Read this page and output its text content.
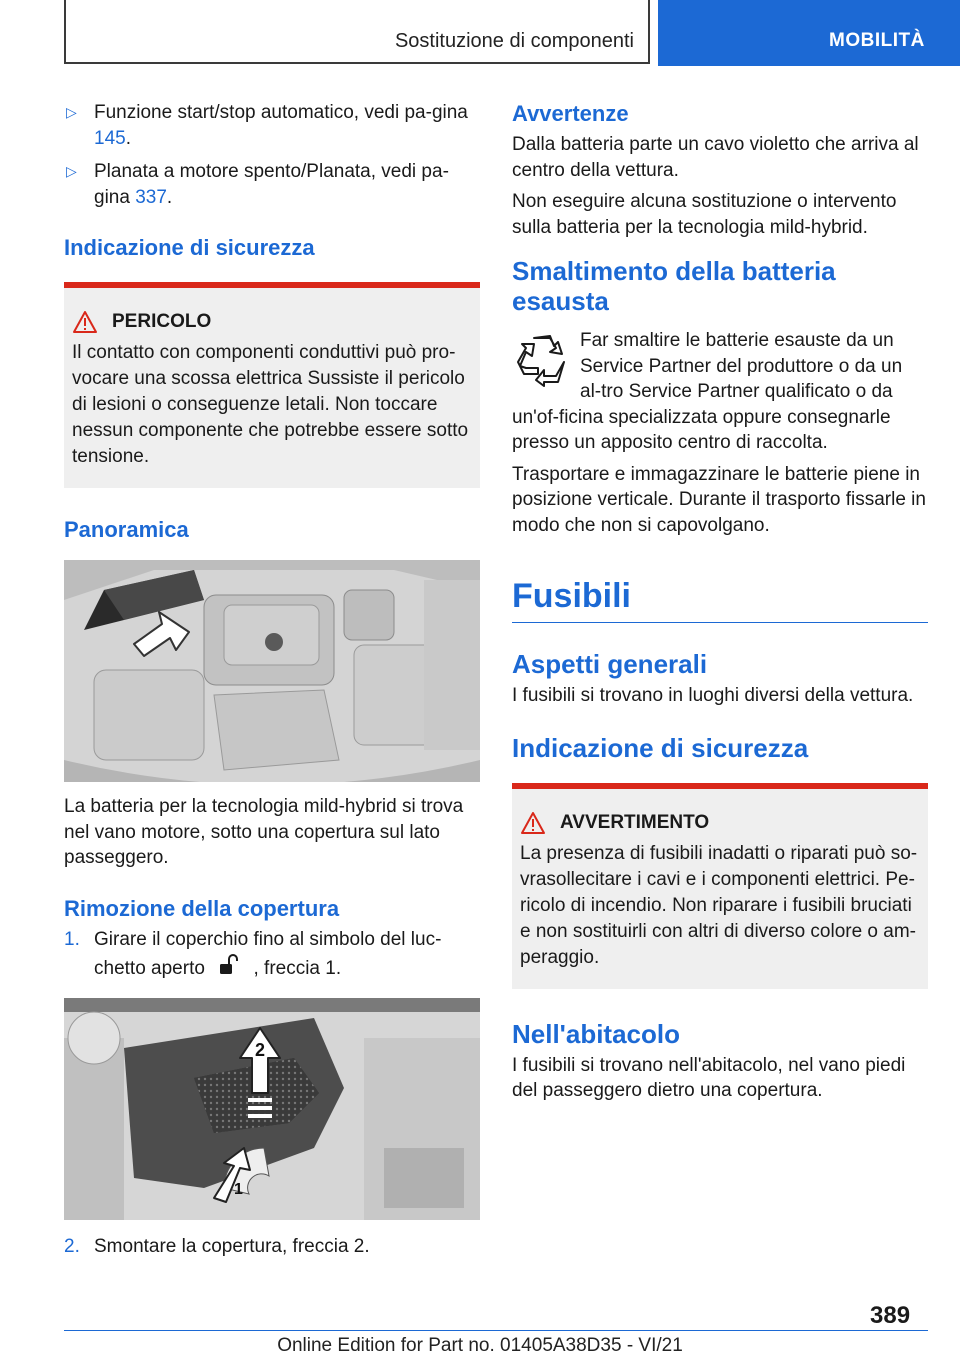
Sostituzione di componenti	MOBILITÀ
▷ Funzione start/stop automatico, vedi pa-gina 145.
▷ Planata a motore spento/Planata, vedi pa-gina 337.
Indicazione di sicurezza
PERICOLO

Il contatto con componenti conduttivi può pro-vocare una scossa elettrica Sussiste il pericolo di lesioni o conseguenze letali. Non toccare nessun componente che potrebbe essere sotto tensione.

Panoramica

La batteria per la tecnologia mild-hybrid si trova nel vano motore, sotto una copertura sul lato passeggero.

Rimozione della copertura
1. Girare il coperchio fino al simbolo del luc-chetto aperto	, freccia 1.
2
1
2. Smontare la copertura, freccia 2.
Avvertenze

Dalla batteria parte un cavo violetto che arriva al centro della vettura.

Non eseguire alcuna sostituzione o intervento sulla batteria per la tecnologia mild-hybrid.

Smaltimento della batteria esausta

Far smaltire le batterie esauste da un Service Partner del produttore o da un al-tro Service Partner qualificato o da un'of-ficina specializzata oppure consegnarle presso un apposito centro di raccolta.

Trasportare e immagazzinare le batterie piene in posizione verticale. Durante il trasporto fissarle in modo che non si capovolgano.

Fusibili
Aspetti generali

I fusibili si trovano in luoghi diversi della vettura.

Indicazione di sicurezza
AVVERTIMENTO

La presenza di fusibili inadatti o riparati può so-vrasollecitare i cavi e i componenti elettrici. Pe-ricolo di incendio. Non riparare i fusibili bruciati e non sostituirli con altri di diverso colore o am-peraggio.

Nell'abitacolo

I fusibili si trovano nell'abitacolo, nel vano piedi del passeggero dietro una copertura.

389
Online Edition for Part no. 01405A38D35 - VI/21
